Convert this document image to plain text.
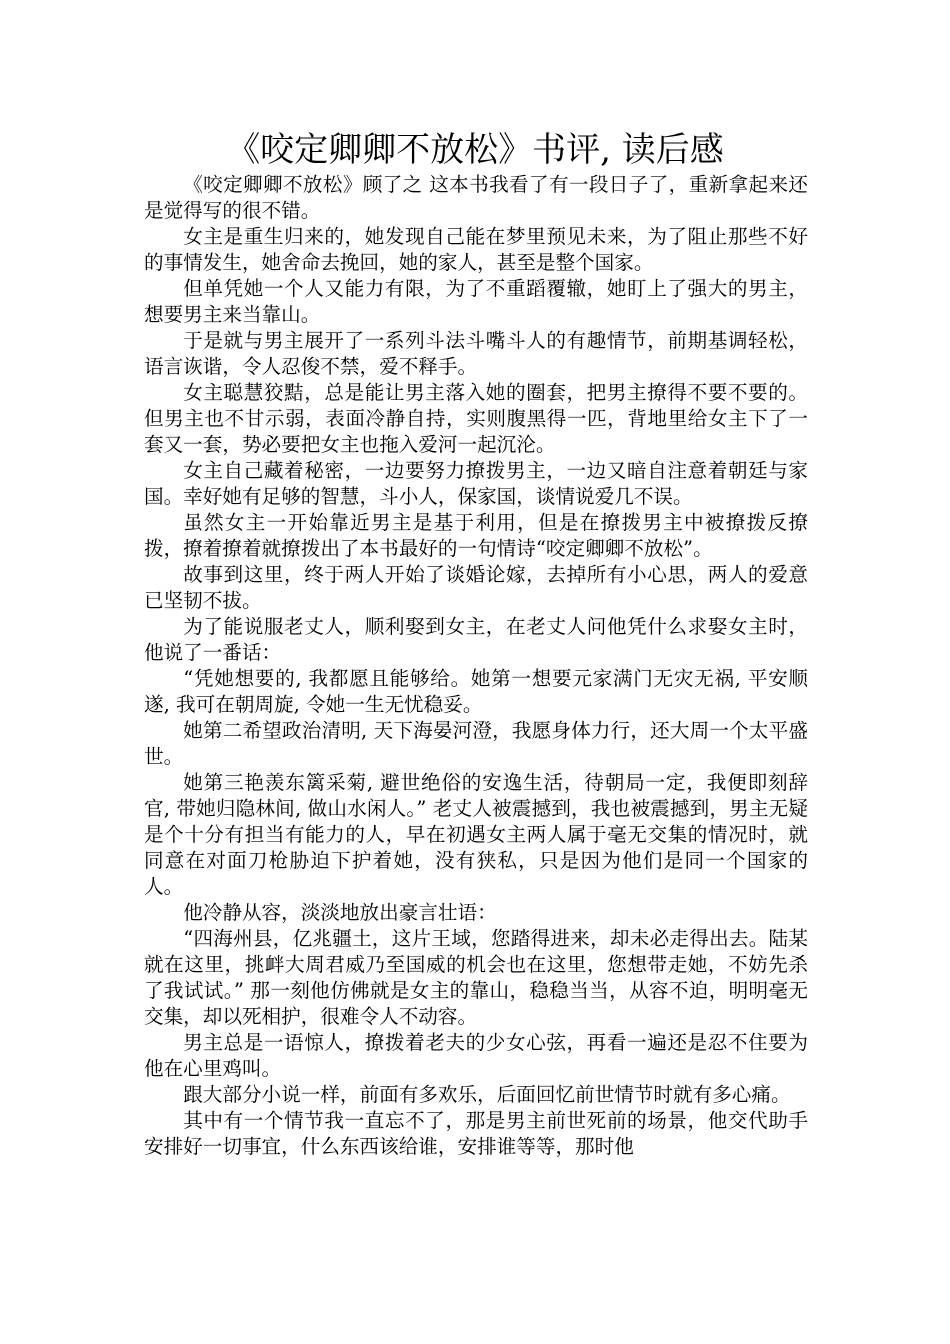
《咬定卿卿不放松》书评, 读后感

《咬定卿卿不放松》顾了之 这本书我看了有一段日子了，重新拿起来还是觉得写的很不错。

女主是重生归来的，她发现自己能在梦里预见未来，为了阻止那些不好的事情发生，她舍命去挽回，她的家人，甚至是整个国家。

但单凭她一个人又能力有限，为了不重蹈覆辙，她盯上了强大的男主，想要男主来当靠山。

于是就与男主展开了一系列斗法斗嘴斗人的有趣情节，前期基调轻松，语言诙谐，令人忍俊不禁，爱不释手。

女主聪慧狡黠，总是能让男主落入她的圈套，把男主撩得不要不要的。但男主也不甘示弱，表面冷静自持，实则腹黑得一匹，背地里给女主下了一套又一套，势必要把女主也拖入爱河一起沉沦。

女主自己藏着秘密，一边要努力撩拨男主，一边又暗自注意着朝廷与家国。幸好她有足够的智慧，斗小人，保家国，谈情说爱几不误。

虽然女主一开始靠近男主是基于利用，但是在撩拨男主中被撩拨反撩拨，撩着撩着就撩拨出了本书最好的一句情诗“咬定卿卿不放松”。

故事到这里，终于两人开始了谈婚论嫁，去掉所有小心思，两人的爱意已坚韧不拔。

为了能说服老丈人，顺利娶到女主，在老丈人问他凭什么求娶女主时，他说了一番话：

“凭她想要的, 我都愿且能够给。她第一想要元家满门无灾无祸, 平安顺遂, 我可在朝周旋, 令她一生无忧稳妥。

她第二希望政治清明, 天下海晏河澄，我愿身体力行，还大周一个太平盛世。

她第三艳羡东篱采菊, 避世绝俗的安逸生活，待朝局一定，我便即刻辞官, 带她归隐林间, 做山水闲人。” 老丈人被震撼到，我也被震撼到，男主无疑是个十分有担当有能力的人，早在初遇女主两人属于毫无交集的情况时，就同意在对面刀枪胁迫下护着她，没有狭私，只是因为他们是同一个国家的人。

他冷静从容，淡淡地放出豪言壮语：

“四海州县，亿兆疆土，这片王域，您踏得进来，却未必走得出去。陆某就在这里，挑衅大周君威乃至国威的机会也在这里，您想带走她，不妨先杀了我试试。” 那一刻他仿佛就是女主的靠山，稳稳当当，从容不迫，明明毫无交集，却以死相护，很难令人不动容。

男主总是一语惊人，撩拨着老夫的少女心弦，再看一遍还是忍不住要为他在心里鸡叫。

跟大部分小说一样，前面有多欢乐，后面回忆前世情节时就有多心痛。

其中有一个情节我一直忘不了，那是男主前世死前的场景，他交代助手安排好一切事宜，什么东西该给谁，安排谁等等，那时他
